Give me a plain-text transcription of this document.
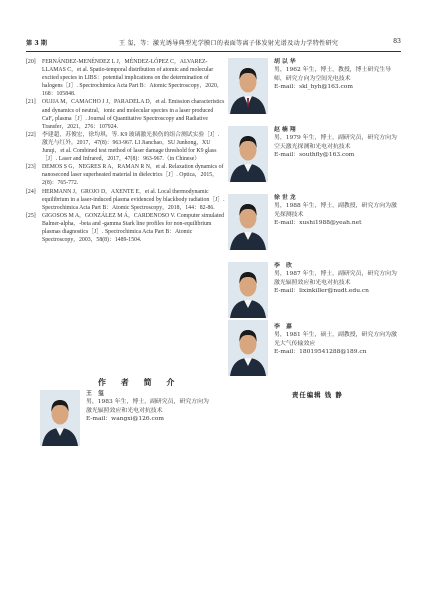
第 3 期	王 玺，等：激光诱导典型光学膜口的表面等离子体发射光谱及动力学特性研究	83

[20] FERNÁNDEZ-MENÉNDEZ L J，MÉNDEZ-LÓPEZ C，ALVAREZ-LLAMAS C，et al. Spatio-temporal distribution of atomic and molecular excited species in LIBS：potential implications on the determination of halogens［J］. Spectrochimica Acta Part B：Atomic Spectroscopy，2020，168：105848.

[21] OUJJA M，CAMACHO J J，PARADELA D，et al. Emission characteristics and dynamics of neutral，ionic and molecular species in a laser produced CaF₂ plasma［J］. Journal of Quantitative Spectroscopy and Radiative Transfer，2021，276：107924.

[22] 李建超，苏俊宏，徐均琪，等. K9 玻璃激光损伤的组合测试实验［J］. 激光与红外，2017，47(8)：963-967. LI Jianchao，SU Junhong，XU Junqi，et al. Combined test method of laser damage threshold for K9 glass［J］. Laser and Infrared，2017，47(8)：963-967.（in Chinese）

[23] DEMOS S G，NEGRES R A，RAMAN R N，et al. Relaxation dynamics of nanosecond laser superheated material in dielectrics［J］. Optica，2015，2(8)：765-772.

[24] HERMANN J，GROJO D，AXENTE E，et al. Local thermodynamic equilibrium in a laser-induced plasma evidenced by blackbody radiation［J］. Spectrochimica Acta Part B：Atomic Spectroscopy，2018，144：82-86.

[25] GIGOSOS M A，GONZÁLEZ M Á，CARDENOSO V. Computer simulated Balmer-alpha，-beta and -gamma Stark line profiles for non-equilibrium plasmas diagnostics［J］. Spectrochimica Acta Part B：Atomic Spectroscopy，2003，58(8)：1489-1504.

作 者 简 介
王 玺
男，1983 年生，博士，副研究员，研究方向为激光辐照效应和光电对抗技术
E-mail：wangxi@126.com
胡以华
男，1962 年生，博士，教授，博士研究生导师，研究方向为空间光电技术
E-mail：skl_hyh@163.com
赵楠翔
男，1979 年生，博士，副研究员，研究方向为空天激光探测和光电对抗技术
E-mail：southfly@163.com
徐世龙
男，1988 年生，博士，副教授，研究方向为激光探测技术
E-mail：xushi1988@yeah.net
李 欣
男，1987 年生，博士，副研究员，研究方向为激光辐照效应和光电对抗技术
E-mail：lixinkiller@nudt.edu.cn
李 嘉
男，1981 年生，硕士，副教授，研究方向为激光大气传输效应
E-mail：18019541288@189.cn
责任编辑 钱 静
